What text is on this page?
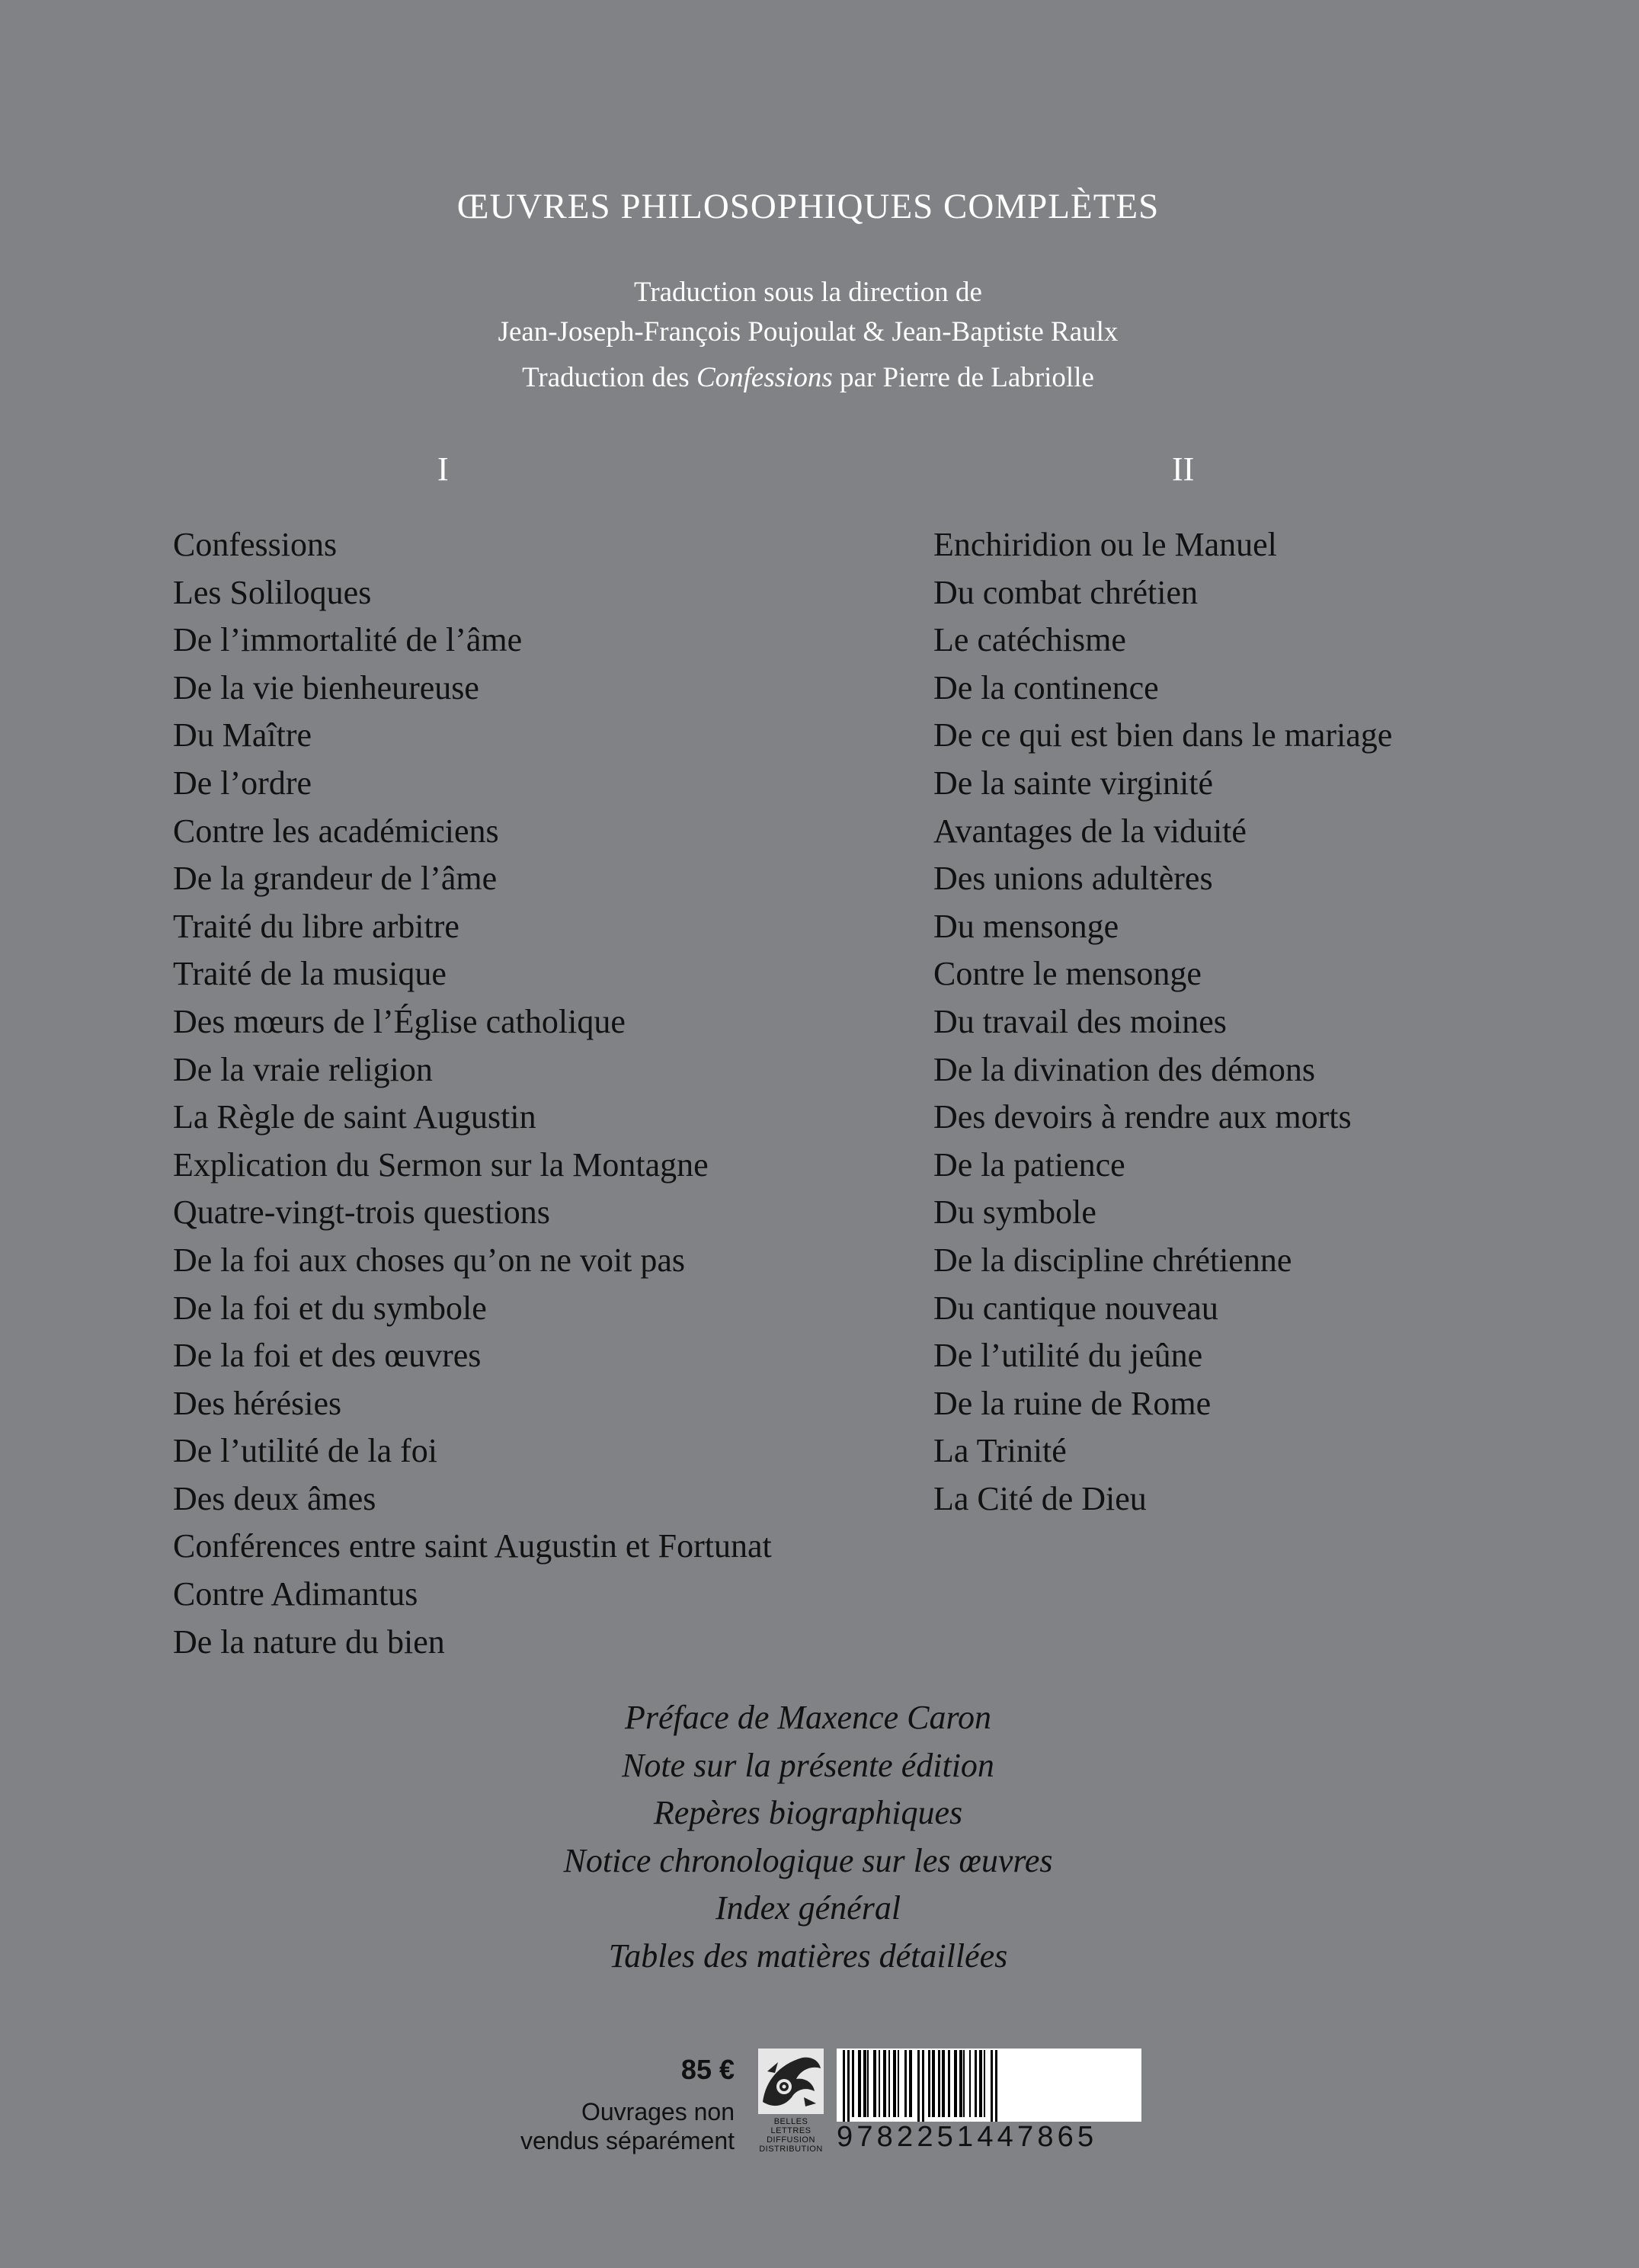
ŒUVRES PHILOSOPHIQUES COMPLÈTES
Traduction sous la direction de
Jean-Joseph-François Poujoulat & Jean-Baptiste Raulx
Traduction des Confessions par Pierre de Labriolle
I	II
Confessions
Les Soliloques
De l’immortalité de l’âme
De la vie bienheureuse
Du Maître
De l’ordre
Contre les académiciens
De la grandeur de l’âme
Traité du libre arbitre
Traité de la musique
Des mœurs de l’Église catholique
De la vraie religion
La Règle de saint Augustin
Explication du Sermon sur la Montagne
Quatre-vingt-trois questions
De la foi aux choses qu’on ne voit pas
De la foi et du symbole
De la foi et des œuvres
Des hérésies
De l’utilité de la foi
Des deux âmes
Conférences entre saint Augustin et Fortunat
Contre Adimantus
De la nature du bien
Enchiridion ou le Manuel
Du combat chrétien
Le catéchisme
De la continence
De ce qui est bien dans le mariage
De la sainte virginité
Avantages de la viduité
Des unions adultères
Du mensonge
Contre le mensonge
Du travail des moines
De la divination des démons
Des devoirs à rendre aux morts
De la patience
Du symbole
De la discipline chrétienne
Du cantique nouveau
De l’utilité du jeûne
De la ruine de Rome
La Trinité
La Cité de Dieu
Préface de Maxence Caron
Note sur la présente édition
Repères biographiques
Notice chronologique sur les œuvres
Index général
Tables des matières détaillées
85 €
Ouvrages non
vendus séparément
BELLES LETTRES
DIFFUSION
DISTRIBUTION 9782251447865
